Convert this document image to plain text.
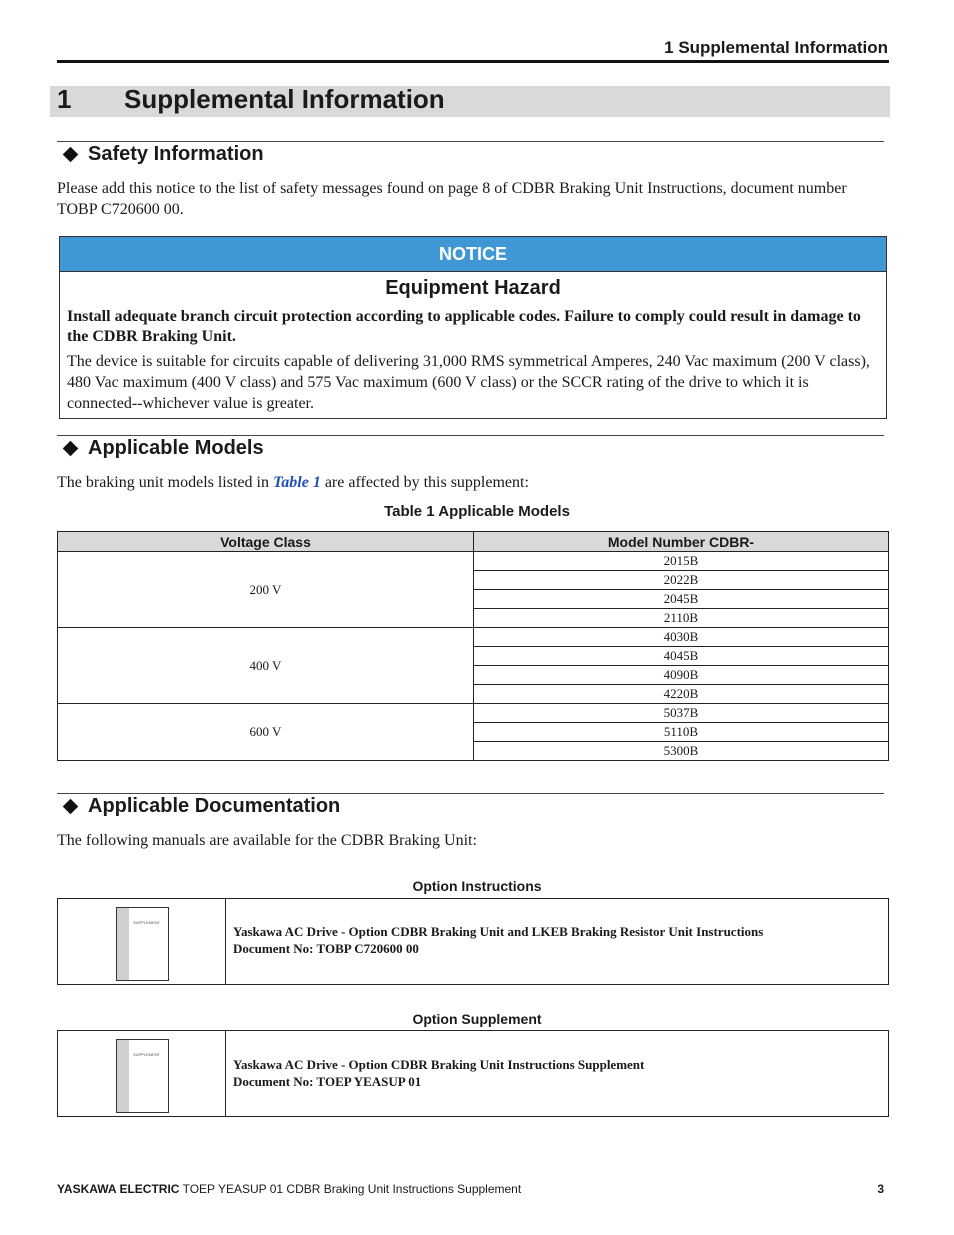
1 Supplemental Information
1 Supplemental Information
Safety Information
Please add this notice to the list of safety messages found on page 8 of CDBR Braking Unit Instructions, document number TOBP C720600 00.
NOTICE
Equipment Hazard
Install adequate branch circuit protection according to applicable codes. Failure to comply could result in damage to the CDBR Braking Unit.
The device is suitable for circuits capable of delivering 31,000 RMS symmetrical Amperes, 240 Vac maximum (200 V class), 480 Vac maximum (400 V class) and 575 Vac maximum (600 V class) or the SCCR rating of the drive to which it is connected--whichever value is greater.
Applicable Models
The braking unit models listed in Table 1 are affected by this supplement:
Table 1 Applicable Models
Voltage Class	Model Number CDBR-
200 V	2015B
	2022B
	2045B
	2110B
400 V	4030B
	4045B
	4090B
	4220B
600 V	5037B
	5110B
	5300B
Applicable Documentation
The following manuals are available for the CDBR Braking Unit:
Option Instructions
SUPPLEMENT
Yaskawa AC Drive - Option CDBR Braking Unit and LKEB Braking Resistor Unit Instructions
Document No: TOBP C720600 00
Option Supplement
SUPPLEMENT
Yaskawa AC Drive - Option CDBR Braking Unit Instructions Supplement
Document No: TOEP YEASUP 01
YASKAWA ELECTRIC TOEP YEASUP 01 CDBR Braking Unit Instructions Supplement	3
